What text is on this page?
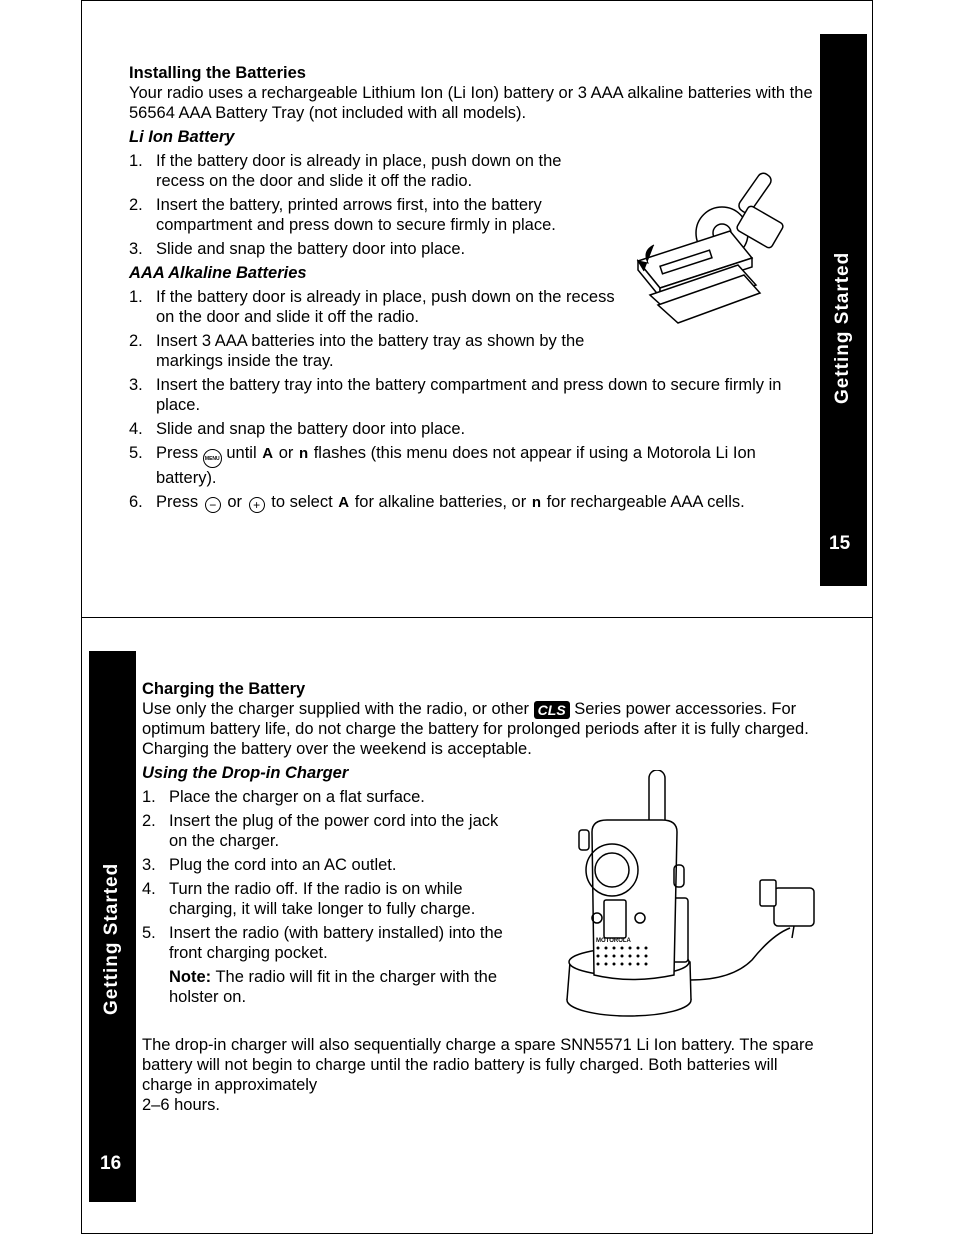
Getting Started
15
Installing the Batteries

Your radio uses a rechargeable Lithium Ion (Li Ion) battery or 3 AAA alkaline batteries with the 56564 AAA Battery Tray (not included with all models).

Li Ion Battery
1. If the battery door is already in place, push down on the recess on the door and slide it off the radio.
2. Insert the battery, printed arrows first, into the battery compartment and press down to secure firmly in place.
3. Slide and snap the battery door into place.
AAA Alkaline Batteries
1. If the battery door is already in place, push down on the recess on the door and slide it off the radio.
2. Insert 3 AAA batteries into the battery tray as shown by the markings inside the tray.
3. Insert the battery tray into the battery compartment and press down to secure firmly in place.
4. Slide and snap the battery door into place.
5. Press MENU until A or n flashes (this menu does not appear if using a Motorola Li Ion battery).
6. Press − or + to select A for alkaline batteries, or n for rechargeable AAA cells.
Getting Started
16
Charging the Battery

Use only the charger supplied with the radio, or other CLS Series power accessories. For optimum battery life, do not charge the battery for prolonged periods after it is fully charged. Charging the battery over the weekend is acceptable.

Using the Drop-in Charger
1. Place the charger on a flat surface.
2. Insert the plug of the power cord into the jack on the charger.
3. Plug the cord into an AC outlet.
4. Turn the radio off. If the radio is on while charging, it will take longer to fully charge.
5. Insert the radio (with battery installed) into the front charging pocket.
Note: The radio will fit in the charger with the holster on.
The drop-in charger will also sequentially charge a spare SNN5571 Li Ion battery. The spare battery will not begin to charge until the radio battery is fully charged. Both batteries will charge in approximately
2–6 hours.
MOTOROLA
